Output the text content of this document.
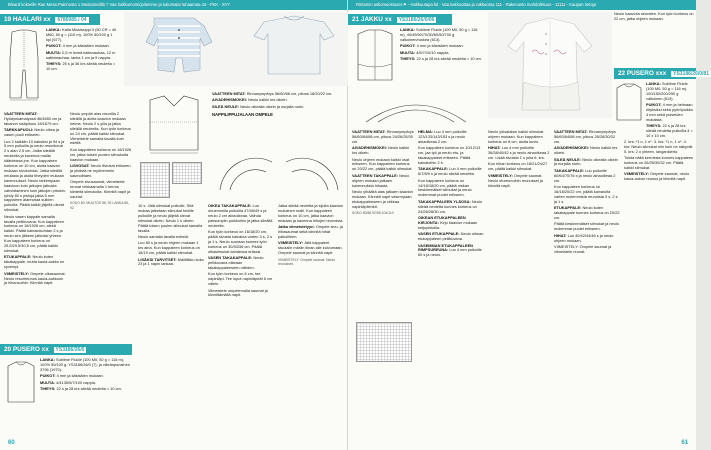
Bleard kokoelle Rae Mesa Painnosta 1 Mustametillä ? Vaa hakkumomirjoilemme ja kalumalai tuhaamaa 44 - FKK - SYY
19 HAALARI xx 6786985 / 04

LANKA: Katia Mississippi 3 (50 CR = 40 M60, 50 g = (110 m), 100% 50/100 g 1 kpl (677).

PUIKOT: 4 mm ja käsisälen mukaan.

MUUTA: 0,5 m leveä kaitanauhaa, 12 m satiininauhaa, lanka 1 cm ja 9 nappia.

TIHEYS: 25 s ja 36 krs sileää neuletta = 10 cm.

VAATTEEN MITAT: Hyödynkamatyssä 46/4650 cm ja takanon sisäpituus 18/1679 cm.

TARKKAPUOLI: Neulo oikea ja vasen puoli erikseen.

Luo 2 kaikkiin 10 kaksiksi ja 94 s ja 5 mm puikoilla ja neulo resorikeoä 2 s alan 2,5 cm. Jatka sileällä neuleella ja kavenna mailia käänteissa jne. Kun kappaleen korkeus on 10 cm, aloita kaavan mukaan sivukohdat. Jatka sileällä neulasta ja aloita tiheyden mukaan kavennukset. Neulo tarkempaan kaavioon kuin jalkojen jatkosta vahvistaminen kuin jatkojen pituisin, ryhdy 80 s pistoja jatka 5 mm kappaleen alareunaa sulkien puikolta. Päätä kaikki jäljellä olevat silmukat.

Neulo vasen kappale samalla tavalla peilikuvana. Kun kappaleen korkeus on 18/1926 cm, alekä kaikki. Päätä kainalokohdan 2 s ja neulo sen jälkeen jatkoksi yhteen. Kun kappaleen korkeus on 25,5/29,5/30,5 cm, päätä kaikki silmukat.

ETUKAPPALE: Neulo kuten takakappale, mutta kaula-aukko on syvempi.

VIIMEISTELY: Ompele olkasaumat. Neulo resorireunus kaula-aukkoon ja hihansuihin. Kiinnitä napit.

Neulo ympäri alas resorilla 2 sileällä ja aloita kaavion mukaan helma. Neulo 2 s ylös ja jatka sileällä neuleella. Kun työn korkeus on 24 cm, päätä kaikki silmukat. Viimeistele samalla tavalla kuin edellä.

Kun kappaleen korkeus on 18/1926 cm, jatka toisen puolen silmukoita kaavion mukaan.

LIIVIOSAT: Neulo liiviosat erikseen ja yhdistä ne myöhemmin saumoittaen.

Ompele sivusaumat, viimeistele reunat virkkaamalla 1 kerros kiinteitä silmukoita. Kiinnitä napit ja nauhat.

KOKO 80: MUUTOS 86, 92 LANKA 86, 92

20 PUSERO xx YS3186/26/0

LANKA: Sublime Fluide (100 M0, 50 g = 116 m), 100% 50/100 g. YS3186/26/0 (7), ja viileänpunainen 3796 (1970).

PUIKOT: 4 mm ja käsisälen mukaan.

MUUTA: 4/4135/5/7/100 nappia.

TIHEYS: 22 s ja 28 krs sileää neuletta = 10 cm.

VAATTEEN MITAT: Rinnanympärys 56/60/66 cm, pituus 18/20/22 cm.

AIVADEHISMOKEI: Neulo kaikki krs oikein.

SILEÄ NEULE: Neulo oikealla oikein ja nurjalla nurin.

NAPPILIPPUJALAAN OMPELE

10 s. Jätä silmukat puikolle. Sitä mukaa jatketaan silmukat toisille puikoille ja neulo jäljellä olevat silmukat oikein. Neulo 1 s oikein. Päätä toisen puolen silmukat samalla tavalla.

Neulo samalla tavalla edestä.

Luo 80 s ja neulo ohjeen mukaan 1 krs aina. Kun kappaleen korkeus on 18/19 cm, päätä kaikki silmukat.

LISÄKSI TARVITSET: Mallitilkku koko 23 ja 1 napin lankaa.

OIKEA TAKAKAPPALE: Luo ohuemmilla puikoilla 47/48/49 s ja neulo 2 cm ainaoikeaa. Vaihda paksumpiin puikkoihin ja jatka sileällä neuleella.

Kun työn korkeus on 16/18/20 cm, päätä sivusta kainaloa varten 3 s, 2 s ja 1 s. Neulo suoraan kunnes työn korkeus on 30/33/36 cm. Päätä olkasilmukat kahdessa erässä.

VASEN TAKAKAPPALE: Neulo peilikuvana oikeaan takakappaleeseen nähden.

Kun työn korkeus on 6 cm, tee napinläpi. Tee loput napinläpeät 6 cm välein.

Viimeistele ompelemalla saumat ja kiinnittämällä napit.

Jatka sileää neuletta ja sijoita kaavion mukainen malli. Kun kappaleen korkeus on 10 cm, jatka kaavion mukaan ja kavenna hihojen reunoista.

Jatka viimeistelyyn: Ompele sivu- ja hihasaumat sekä kiinnitä hihat paikoilleen.

VIIMEISTELY: Jätä kappaleet stuuialle märän liinan alle kuivumaan. Ompele saumat ja kiinnitä napit.

VIIMEISTELY: Ompele saumat. Neulo reunukset.

60
Rintamin askomuostuset ⚑ - Hakkuutapa kit - Vaa kakkuottaa ja rakkuotoa 111 - Rakenusto mahdollisuus - 11111 - Kaupan tietoja
21 JAKKU xx YS3186/26/0/06

LANKA: Sublime Fluide (100 M0, 50 g = 116 m), 40/49/50/70/30/60/50/700 g valkoinen/ruskea (613).

PUIKOT: 4 mm ja käsisälen mukaan.

MUUTA: 4/5/7/10/10 nappia.

TIHEYS: 22 s ja 28 krs sileää neuletta = 10 cm.

22 PUSERO xxx YS3186/26/0/81

Neulo kaaviota seuraten. Kun työn korkeus on 22 cm, jatka ohjeen mukaan.

LANKA: Sublime Fluide (100 M0, 50 g = 116 m), 100/150/200/250 g valkoinen (613).

PUIKOT: 4 mm ja helmaan riityksiksi sekä pyöröpuikko 4 mm sekä puiseiden mukaista.

TIHEYS: 22 s ja 28 krs sileää neuletta puikoilla 4 = 10 x 10 cm.

VAATTEEN MITAT: Rinnanympärys 56/60/64/68 cm, pituus 24/26/28/30 cm.

AIVADEHISMOKEI: Neulo kaikki krs oikein.

Neulo ohjeen mukaan kaikki osat erikseen. Kun kappaleen korkeus on 20/22 cm, päätä kaikki silmukat.

VAATTEEN TAKAPPALE: Neulo ohjeen mukaan jatkaen kavennuksia hihasta.

Neulo ylhäältä alas jatkaen kaavion mukaan. Kiinnitä napit vasempaan etukappaleeseen ja virkkaa napinläpilenkit.

KOKO 80/86 92/98 104/110

HELMA: Luo 4 mm puikoille 123/133/143/153 s ja neulo ainaoikeaa 2 cm.

Kun kappaleen korkeus on 10/12/13 cm, jaa työ ja neulo etu- ja takakappaleet erikseen. Päätä kainaloihin 2 s.

TAKAKAPPALE: Luo 4 mm puikoille 6/7/8/9 s ja neulo sileää neuletta.

Kun kappaleen korkeus on 14/16/18/20 cm, päätä niskan keskimmäiset silmukat ja neulo molemmat puolet erikseen.

TAKAKAPPALEEN YLÄOSA: Neulo sileää neuletta kunnes korkeus on 24/26/28/30 cm.

OIKEAN ETUKAPPALEEN KIRJONTA: Kirjo kaavion mukaan ketjupistoilla.

VASEN ETUKAPPALE: Neulo oikean etukappaleen peilikuvana.

VASEMMAN ETUKAPPALEEN RIMPSUREUNA: Luo 4 mm puikoille 60 s ja neulo.

Neulo ylösalaisin kaikki silmukat ohjeen mukaan. Kun kappaleen korkeus on 8 cm, aloita kuvio.

HIHAT: Luo 4 mm puikoille 36/38/40/42 s ja neulo ainaoikeaa 2 cm. Lisää sivuista 1 s joka 6. krs.

Kun hihan korkeus on 18/21/24/27 cm, päätä kaikki silmukat.

VIIMEISTELY: Ompele saumat. Neulo etureunoihin reunukset ja kiinnitä napit.

VAATTEEN MITAT: Rinnanympärys 56/60/64/68 cm, pituus 26/28/30/32 cm.

AIVADEHISMOKEI: Neulo kaikki krs oikein.

SILEÄ NEULE: Neulo oikealla oikein ja nurjalla nurin.

TAKAKAPPALE: Luo puikoille 60/64/70/76 s ja neulo ainaoikeaa 2 cm.

Kun kappaleen korkeus on 16/18/20/22 cm, päätä kainaloita varten molemmista reunoista 3 s, 2 s ja 1 s.

ETUKAPPALE: Neulo kuten takakappale kunnes korkeus on 20/22 cm.

Päätä keskimmäiset silmukat ja neulo molemmat puolet erikseen.

HIHAT: Luo 40/42/44/46 s ja neulo ohjeen mukaan.

VIIMEISTELY: Ompele saumat ja viimeistele reunat.

2. krs: *1 o, 1 n*. 3. krs: *1 n, 1 o*. 4. krs: Neulo silmukat niin kuin ne näkyvät. 5. krs: 2 o yhteen, langankierto.

Toista näitä kerroksia kunnes kappaleen korkeus on 26/28/30/32 cm. Päätä kaikki silmukat.

VIIMEISTELY: Ompele saumat, neulo kaula-aukon reunus ja kiinnitä napit.

61
